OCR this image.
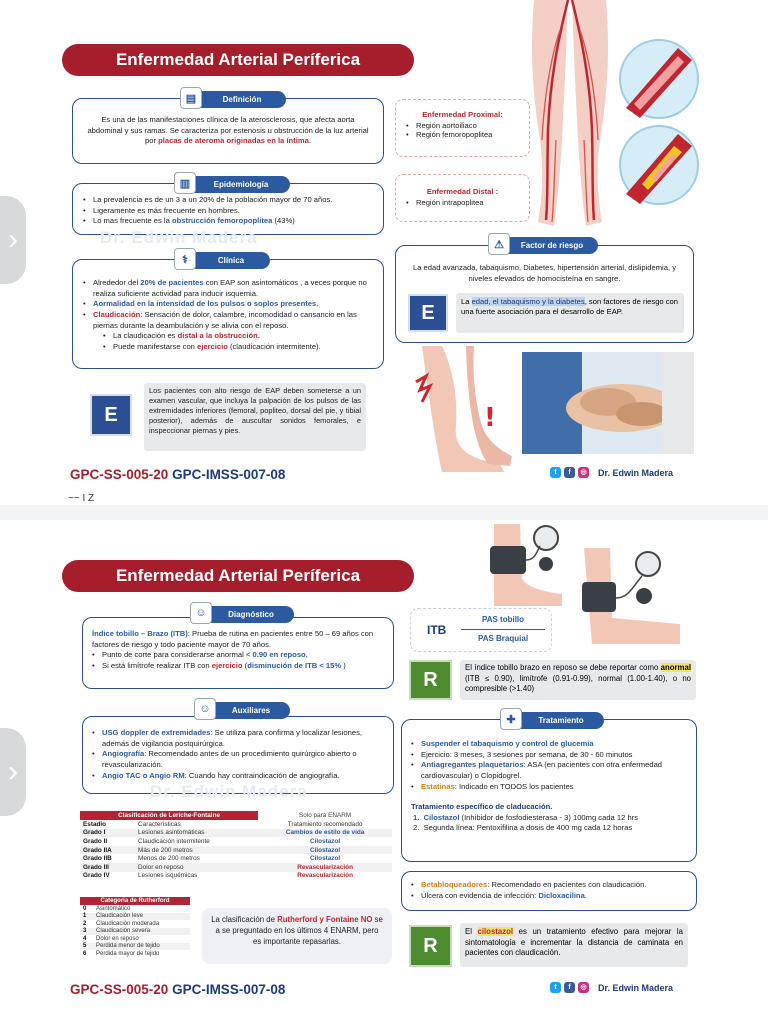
Enfermedad Arterial Períferica
Es una de las manifestaciones clínica de la aterosclerosis, que afecta aorta abdominal y sus ramas. Se caracteriza por estenosis u obstrucción de la luz arterial por placas de ateroma originadas en la íntima.
▤	Definición
• La prevalencia es de un 3 a un 20% de la población mayor de 70 años.
• Ligeramente es más frecuente en hombres.
• Lo mas frecuente es la obstrucción femoropoplitea (43%)
▥	Epidemiología
Dr. Edwin Madera
• Alrededor del 20% de pacientes con EAP son asintomáticos , a veces porque no realiza suficiente actividad para inducir isquemia.
• Aormalidad en la intensidad de los pulsos o soplos presentes.
• Claudicación: Sensación de dolor, calambre, incomodidad o cansancio en las piernas durante la deambulación y se alivia con el reposo.
• La claudicación es distal a la obstrucción.
• Puede manifestarse con ejercicio (claudicación intermitente).
⚕	Clínica
E
Los pacientes con alto riesgo de EAP deben someterse a un examen vascular, que incluya la palpación de los pulsos de las extremidades inferiores (femoral, popliteo, dorsal del pie, y tibial posterior), además de auscultar sonidos femorales, e inspeccionar piernas y pies.
Enfermedad Proximal:
• Región aortoiliaco
• Región femoropoplitea
Enfermedad Distal :
• Región intrapoplitea
La edad avanzada, tabaquismo, Diabetes, hipertensión arterial, dislipidemia, y niveles elevados de homocisteína en sangre.
⚠	Factor de riesgo
E	La edad, el tabaquismo y la diabetes, son factores de riesgo con una fuerte asociación para el desarrollo de EAP.
!
GPC-SS-005-20 GPC-IMSS-007-08	t	f	◎ Dr. Edwin Madera
~~ I Z
›
Enfermedad Arterial Períferica
Índice tobillo – Brazo (ITB): Prueba de rutina en pacientes entre 50 – 69 años con factores de riesgo y todo paciente mayor de 70 años.
• Punto de corte para considerarse anormal < 0.90 en reposo.
• Si está limítrofe realizar ITB con ejercicio (disminución de ITB < 15% )
☺	Diagnóstico
ITB
PAS tobillo
PAS Braquial
R
El índice tobillo brazo en reposo se debe reportar como anormal (ITB ≤ 0.90), limítrofe (0.91-0.99), normal (1.00-1.40), o no compresible (>1.40)
• USG doppler de extremidades: Se utiliza para confirma y localizar lesiones, además de vigilancia postquirúrgica.
• Angiografía: Recomendado antes de un procedimiento quirúrgico abierto o revascularización.
• Angio TAC o Angio RM: Cuando hay contraindicación de angiografía.
☺	Auxiliares
Dr. Edwin Madera
Clasificación de Leriche-Fontaine		Solo para ENARM
Estadio	Características	Tratamiento recomendado
Grado I	Lesiones asintomáticas	Cambios de estilo de vida
Grado II	Claudicación intermitente	Cilostazol
Grado IIA	Más de 200 metros	Cilostazol
Grado IIB	Menos de 200 metros	Cilostazol
Grado III	Dolor en reposo	Revascularización
Grado IV	Lesiones isquémicas	Revascularización
Categoria de Rutherford	
0	Asintomático
1	Claudicación leve
2	Claudicación moderada
3	Claudicación severa
4	Dolor en reposo
5	Pérdida menor de tejido
6	Pérdida mayor de tejido
La clasificación de Rutherford y Fontaine NO se a se preguntado en los últimos 4 ENARM, pero es importante repasarlas.
• Suspender el tabaquismo y control de glucemia
• Ejercicio: 3 meses, 3 sesiones por semana, de 30 - 60 minutos
• Antiagregantes plaquetarios: ASA (en pacientes con otra enfermedad cardiovascular) o Clopidogrel.
• Estatinas: Indicado en TODOS los pacientes
Tratamiento específico de claducación.
1.  Cilostazol (Inhibidor de fosfodiesterasa - 3) 100mg cada 12 hrs
2.  Segunda línea: Pentoxifilina a dosis de 400 mg cada 12 horas
✚	Tratamiento
• Betabloqueadores: Recomendado en pacientes con claudicación.
• Úlcera con evidencia de infección: Dicloxacilina.
R
El cilostazol es un tratamiento efectivo para mejorar la sintomatología e incrementar la distancia de caminata en pacientes con claudicación.
GPC-SS-005-20 GPC-IMSS-007-08	t	f	◎ Dr. Edwin Madera
›
